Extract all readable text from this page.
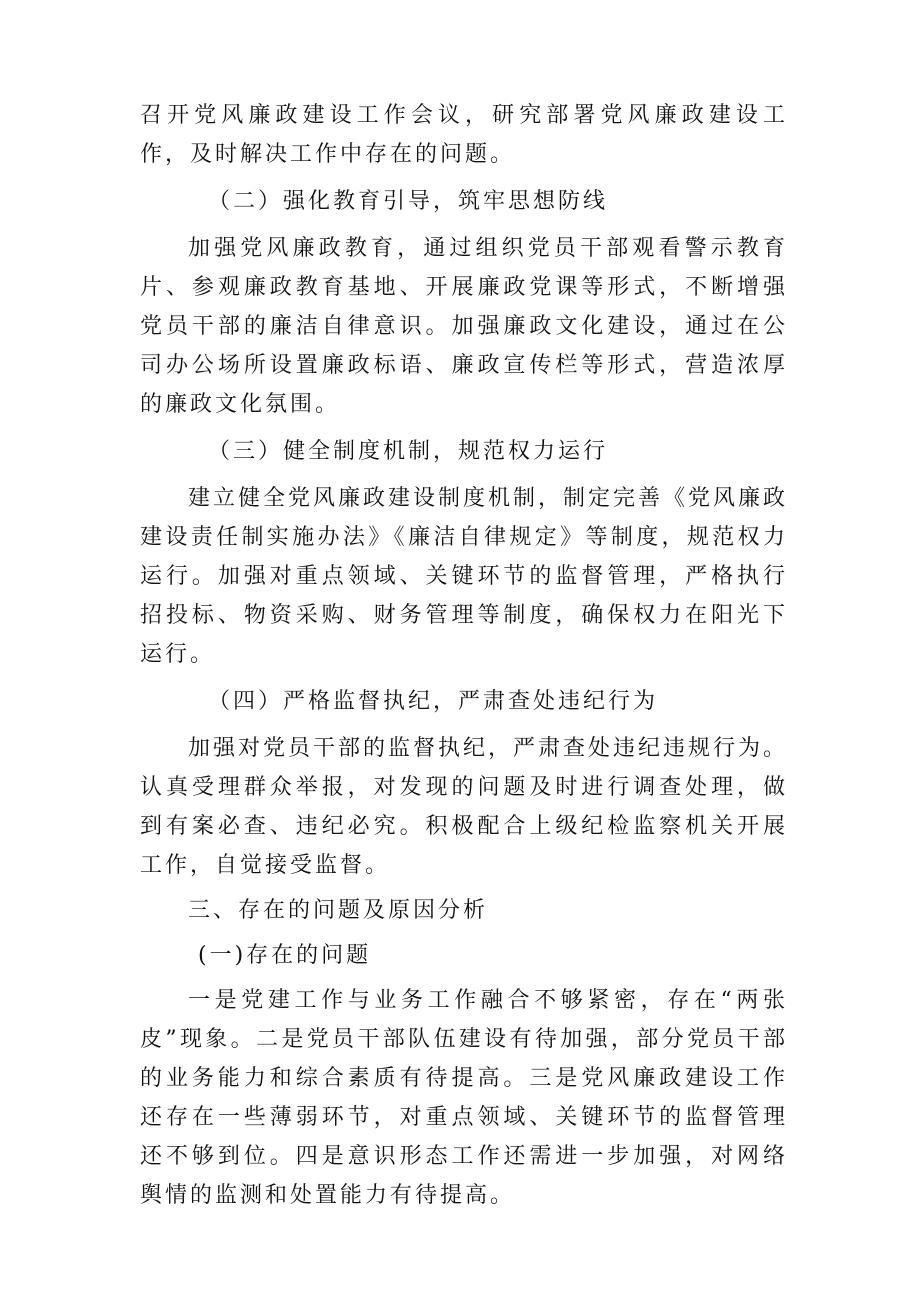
召开党风廉政建设工作会议，研究部署党风廉政建设工作，及时解决工作中存在的问题。

（二）强化教育引导，筑牢思想防线

加强党风廉政教育，通过组织党员干部观看警示教育片、参观廉政教育基地、开展廉政党课等形式，不断增强党员干部的廉洁自律意识。加强廉政文化建设，通过在公司办公场所设置廉政标语、廉政宣传栏等形式，营造浓厚的廉政文化氛围。

（三）健全制度机制，规范权力运行

建立健全党风廉政建设制度机制，制定完善《党风廉政建设责任制实施办法》《廉洁自律规定》等制度，规范权力运行。加强对重点领域、关键环节的监督管理，严格执行招投标、物资采购、财务管理等制度，确保权力在阳光下运行。

（四）严格监督执纪，严肃查处违纪行为

加强对党员干部的监督执纪，严肃查处违纪违规行为。认真受理群众举报，对发现的问题及时进行调查处理，做到有案必查、违纪必究。积极配合上级纪检监察机关开展工作，自觉接受监督。

三、存在的问题及原因分析

(一)存在的问题

一是党建工作与业务工作融合不够紧密，存在“两张皮”现象。二是党员干部队伍建设有待加强，部分党员干部的业务能力和综合素质有待提高。三是党风廉政建设工作还存在一些薄弱环节，对重点领域、关键环节的监督管理还不够到位。四是意识形态工作还需进一步加强，对网络舆情的监测和处置能力有待提高。
